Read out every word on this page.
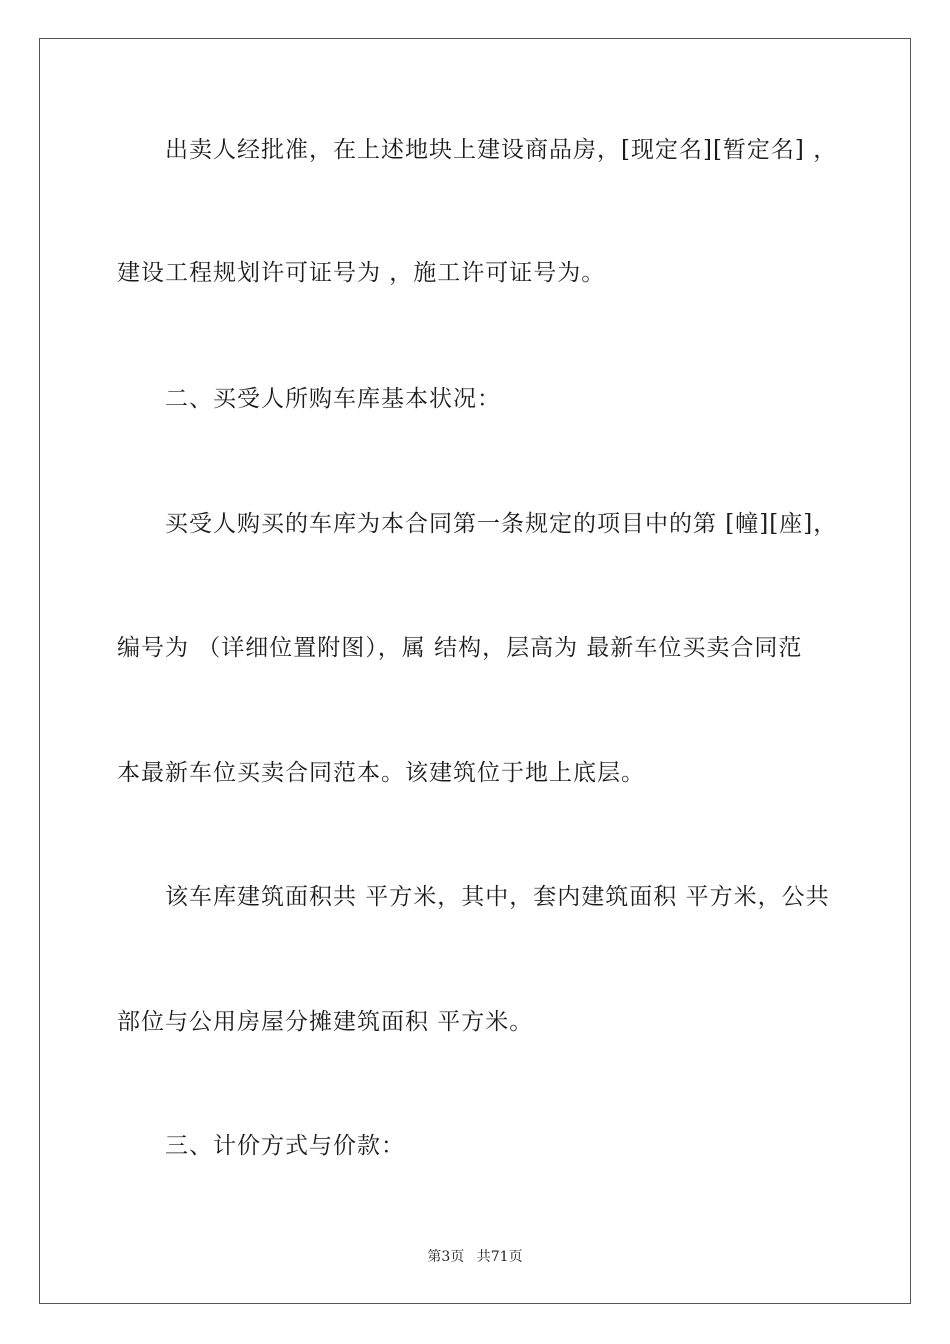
出卖人经批准，在上述地块上建设商品房，[现定名][暂定名] ，
建设工程规划许可证号为 ，施工许可证号为。
二、买受人所购车库基本状况：
买受人购买的车库为本合同第一条规定的项目中的第 [幢][座]，
编号为 （详细位置附图），属 结构，层高为 最新车位买卖合同范
本最新车位买卖合同范本。该建筑位于地上底层。
该车库建筑面积共 平方米，其中，套内建筑面积 平方米，公共
部位与公用房屋分摊建筑面积 平方米。
三、计价方式与价款：
第3页 共71页
